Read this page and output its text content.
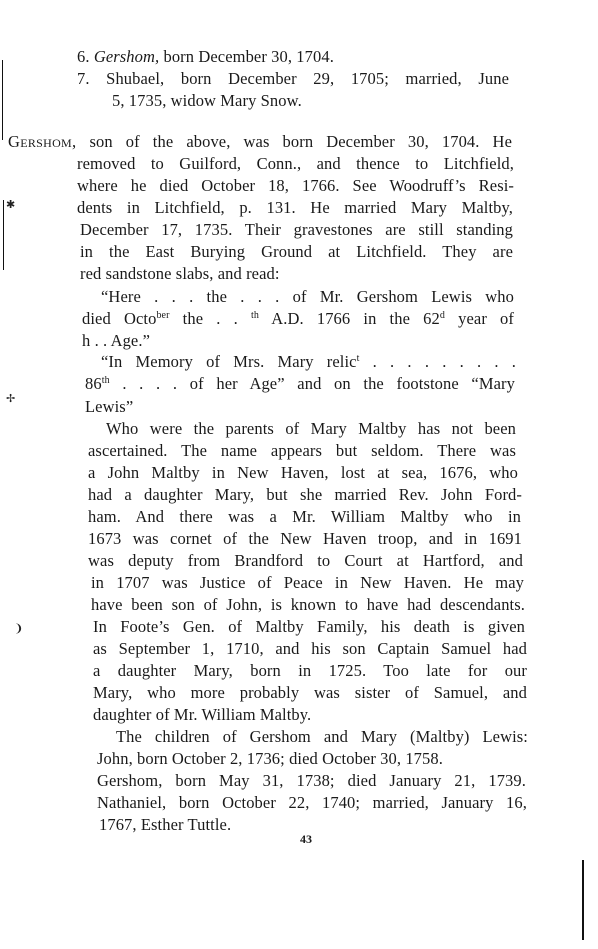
✱
✢
❩
6. Gershom, born December 30, 1704.
7. Shubael, born December 29, 1705; married, June
5, 1735, widow Mary Snow.
Gershom, son of the above, was born December 30, 1704. He
removed to Guilford, Conn., and thence to Litchfield,
where he died October 18, 1766. See Woodruff’s Resi-
dents in Litchfield, p. 131. He married Mary Maltby,
December 17, 1735. Their gravestones are still standing
in the East Burying Ground at Litchfield. They are
red sandstone slabs, and read:
“Here . . . the . . . of Mr. Gershom Lewis who
died Octo$^{ber}$ the . . $^{th}$ A.D. 1766 in the 62$^d$ year of
h . . Age.”
“In Memory of Mrs. Mary relic$^t$ . . . . . . . . .
86th . . . . of her Age” and on the footstone “Mary
Lewis”
Who were the parents of Mary Maltby has not been
ascertained. The name appears but seldom. There was
a John Maltby in New Haven, lost at sea, 1676, who
had a daughter Mary, but she married Rev. John Ford-
ham. And there was a Mr. William Maltby who in
1673 was cornet of the New Haven troop, and in 1691
was deputy from Brandford to Court at Hartford, and
in 1707 was Justice of Peace in New Haven. He may
have been son of John, is known to have had descendants.
In Foote’s Gen. of Maltby Family, his death is given
as September 1, 1710, and his son Captain Samuel had
a daughter Mary, born in 1725. Too late for our
Mary, who more probably was sister of Samuel, and
daughter of Mr. William Maltby.
The children of Gershom and Mary (Maltby) Lewis:
John, born October 2, 1736; died October 30, 1758.
Gershom, born May 31, 1738; died January 21, 1739.
Nathaniel, born October 22, 1740; married, January 16,
1767, Esther Tuttle.
43
